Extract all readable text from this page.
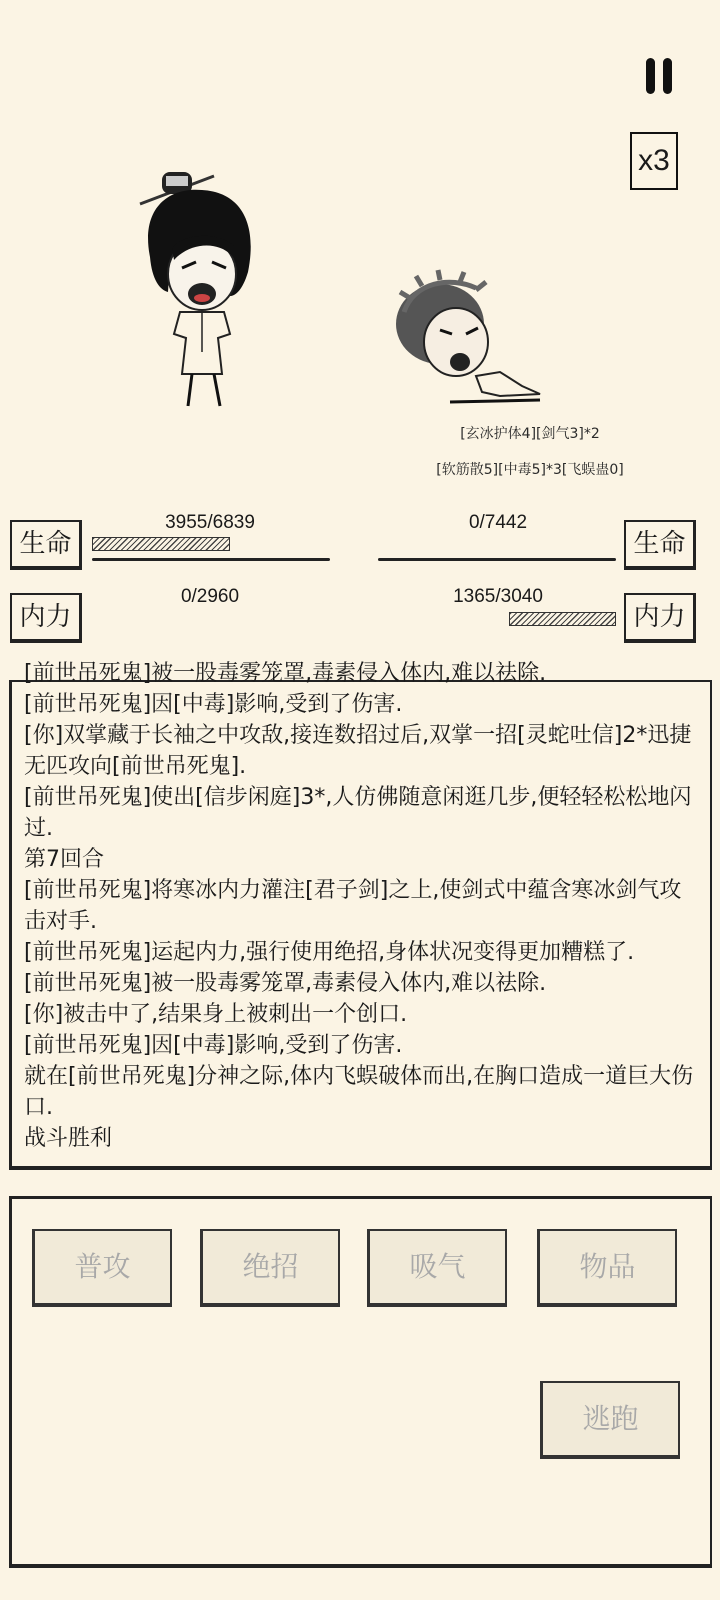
x3
[玄冰护体4][剑气3]*2
[软筋散5][中毒5]*3[飞蜈蛊0]
生命
3955/6839	0/7442
生命
内力
0/2960	1365/3040
内力
[前世吊死鬼]被一股毒雾笼罩,毒素侵入体内,难以祛除.
[前世吊死鬼]因[中毒]影响,受到了伤害.
[你]双掌藏于长袖之中攻敌,接连数招过后,双掌一招[灵蛇吐信]2*迅捷无匹攻向[前世吊死鬼].
[前世吊死鬼]使出[信步闲庭]3*,人仿佛随意闲逛几步,便轻轻松松地闪过.
第7回合
[前世吊死鬼]将寒冰内力灌注[君子剑]之上,使剑式中蕴含寒冰剑气攻击对手.
[前世吊死鬼]运起内力,强行使用绝招,身体状况变得更加糟糕了.
[前世吊死鬼]被一股毒雾笼罩,毒素侵入体内,难以祛除.
[你]被击中了,结果身上被刺出一个创口.
[前世吊死鬼]因[中毒]影响,受到了伤害.
就在[前世吊死鬼]分神之际,体内飞蜈破体而出,在胸口造成一道巨大伤口.
战斗胜利
普攻	绝招	吸气	物品
逃跑
